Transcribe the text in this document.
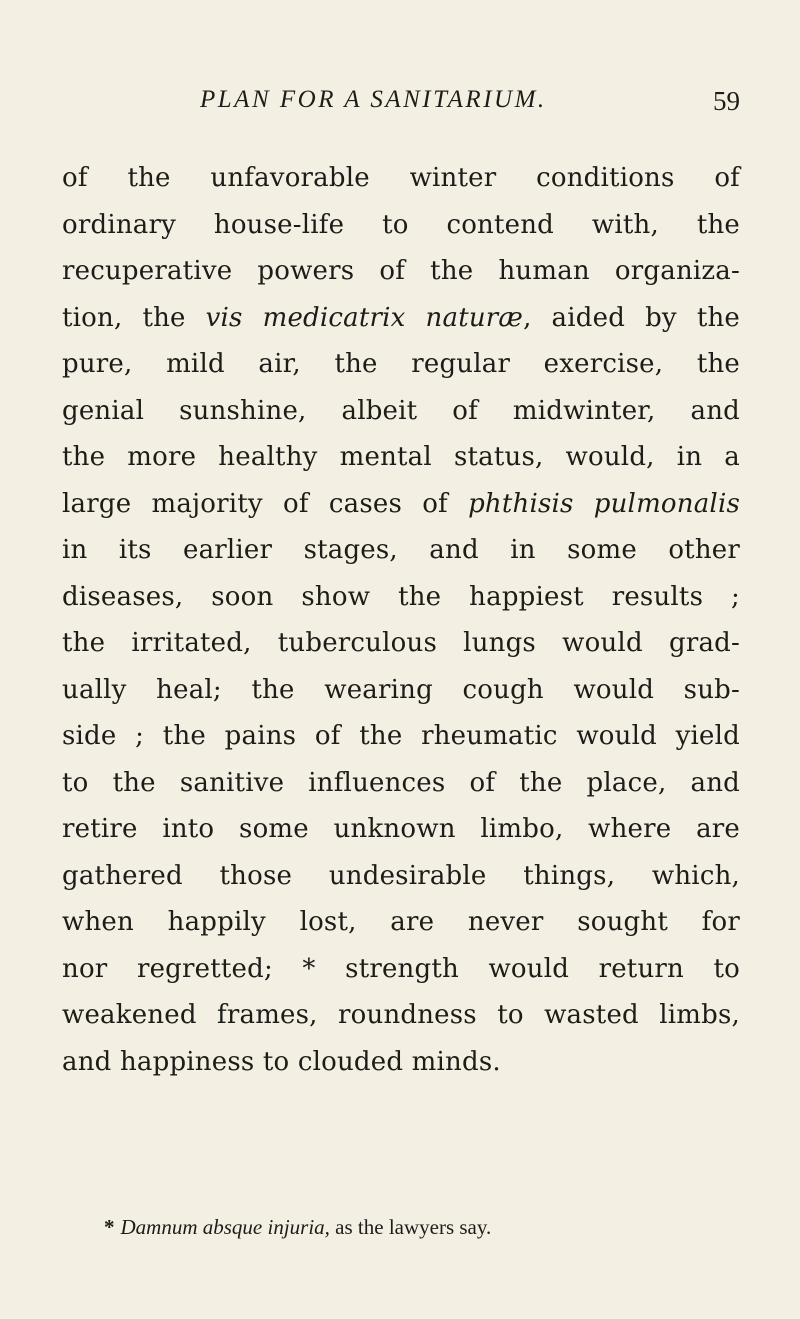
PLAN FOR A SANITARIUM.	59
of the unfavorable winter conditions of
ordinary house-life to contend with, the
recuperative powers of the human organiza-
tion, the vis medicatrix naturæ, aided by the
pure, mild air, the regular exercise, the
genial sunshine, albeit of midwinter, and
the more healthy mental status, would, in a
large majority of cases of phthisis pulmonalis
in its earlier stages, and in some other
diseases, soon show the happiest results ;
the irritated, tuberculous lungs would grad-
ually heal; the wearing cough would sub-
side ; the pains of the rheumatic would yield
to the sanitive influences of the place, and
retire into some unknown limbo, where are
gathered those undesirable things, which,
when happily lost, are never sought for
nor regretted; * strength would return to
weakened frames, roundness to wasted limbs,
and happiness to clouded minds.
* Damnum absque injuria, as the lawyers say.
